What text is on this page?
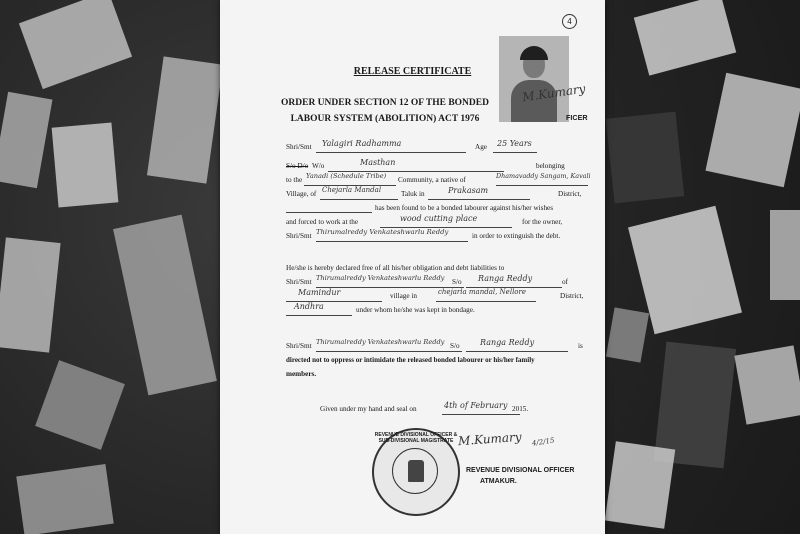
4
M.Kumary
FICER
RELEASE CERTIFICATE
ORDER UNDER SECTION 12 OF THE BONDED LABOUR SYSTEM (ABOLITION) ACT 1976
Shri/Smt Yalagiri Radhamma	Age 25 Years
S/o D/o W/o	Masthan	belonging
to the Yanadi (Schedule Tribe) Community, a native of	Dhamavaddy Sangam, Kavali
Village, of Chejarla Mandal	Taluk in	Prakasam	District,
has been found to be a bonded labourer against his/her wishes
and forced to work at the	wood cutting place	for the owner,
Shri/Smt Thirumalreddy Venkateshwarlu Reddy	in order to extinguish the debt.
He/she is hereby declared free of all his/her obligation and debt liabilities to
Shri/Smt Thirumalreddy Venkateshwarlu Reddy S/o Ranga Reddy	of
Mamindur	village in	chejarla mandal, Nellore	District,
Andhra	under whom he/she was kept in bondage.
Shri/Smt Thirumalreddy Venkateshwarlu Reddy S/o	Ranga Reddy	is
directed not to oppress or intimidate the released bonded labourer or his/her family
members.
Given under my hand and seal on	4th of February 2015.
REVENUE DIVISIONAL OFFICER & SUB-DIVISIONAL MAGISTRATE M.Kumary 4/2/15
REVENUE DIVISIONAL OFFICER
ATMAKUR.
